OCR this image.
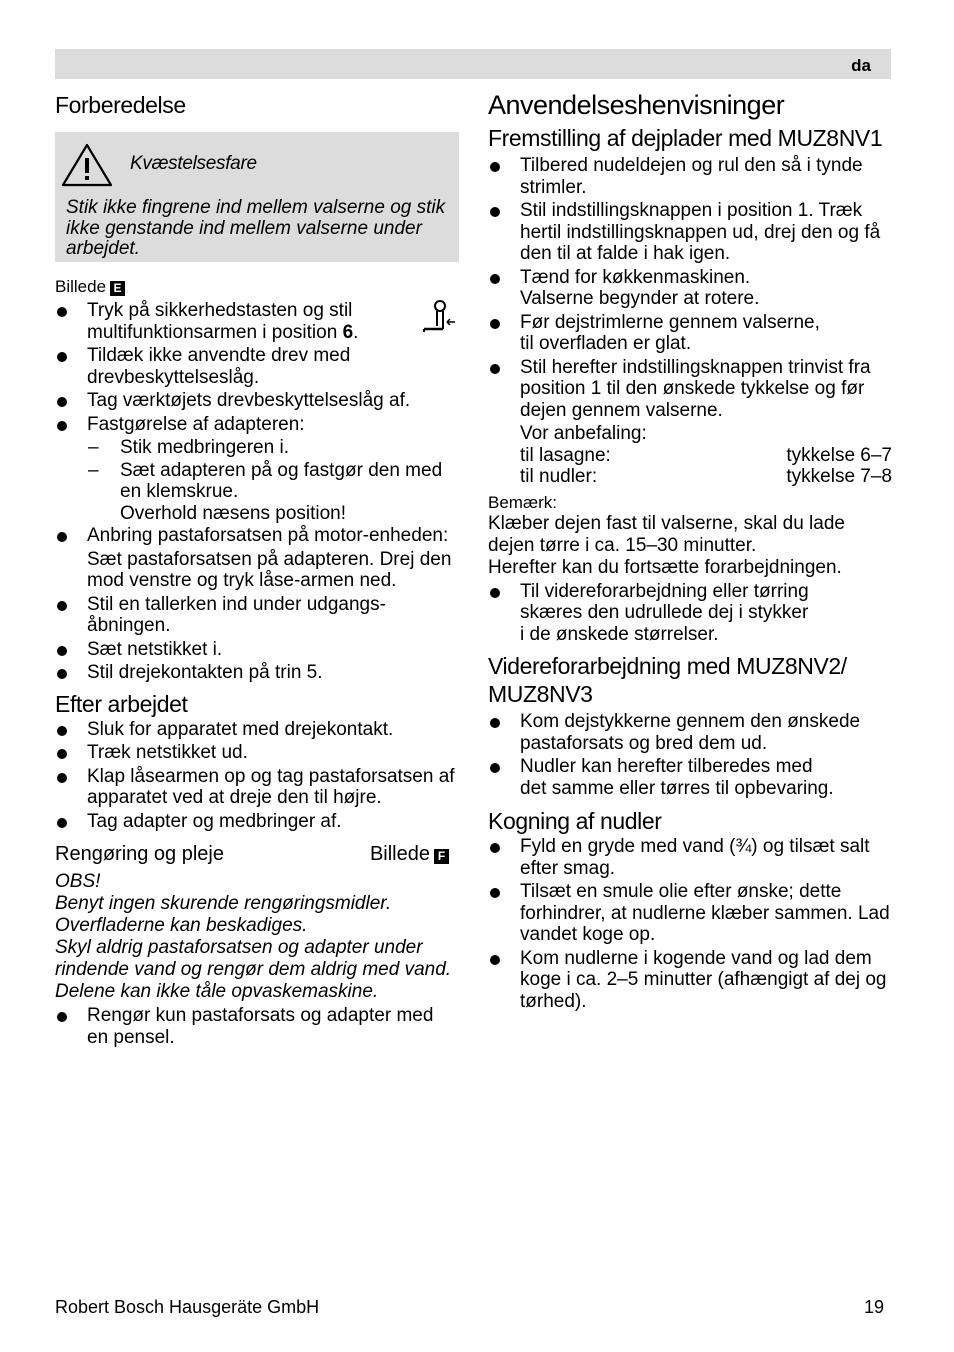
da
Forberedelse
Kvæstelsesfare
Stik ikke fingrene ind mellem valserne og stik ikke genstande ind mellem valserne under arbejdet.
Billede E
Tryk på sikkerhedstasten og stil
multifunktionsarmen i position 6.
Tildæk ikke anvendte drev med drevbeskyttelseslåg.
Tag værktøjets drevbeskyttelseslåg af.
Fastgørelse af adapteren:
– Stik medbringeren i.
– Sæt adapteren på og fastgør den med en klemskrue.
Overhold næsens position!
Anbring pastaforsatsen på motor-enheden:
Sæt pastaforsatsen på adapteren. Drej den mod venstre og tryk låse-armen ned.
Stil en tallerken ind under udgangs-åbningen.
Sæt netstikket i.
Stil drejekontakten på trin 5.
Efter arbejdet
Sluk for apparatet med drejekontakt.
Træk netstikket ud.
Klap låsearmen op og tag pastaforsatsen af apparatet ved at dreje den til højre.
Tag adapter og medbringer af.
Rengøring og pleje	Billede F
OBS!
Benyt ingen skurende rengøringsmidler. Overfladerne kan beskadiges.
Skyl aldrig pastaforsatsen og adapter under rindende vand og rengør dem aldrig med vand. Delene kan ikke tåle opvaskemaskine.
Rengør kun pastaforsats og adapter med en pensel.
Anvendelseshenvisninger
Fremstilling af dejplader med MUZ8NV1
Tilbered nudeldejen og rul den så i tynde strimler.
Stil indstillingsknappen i position 1. Træk hertil indstillingsknappen ud, drej den og få den til at falde i hak igen.
Tænd for køkkenmaskinen.
Valserne begynder at rotere.
Før dejstrimlerne gennem valserne,
til overfladen er glat.
Stil herefter indstillingsknappen trinvist fra position 1 til den ønskede tykkelse og før dejen gennem valserne.
Vor anbefaling:
til lasagne:	tykkelse 6–7
til nudler:	tykkelse 7–8
Bemærk:
Klæber dejen fast til valserne, skal du lade dejen tørre i ca. 15–30 minutter.
Herefter kan du fortsætte forarbejdningen.
Til videreforarbejdning eller tørring
skæres den udrullede dej i stykker
i de ønskede størrelser.
Videreforarbejdning med MUZ8NV2/ MUZ8NV3
Kom dejstykkerne gennem den ønskede pastaforsats og bred dem ud.
Nudler kan herefter tilberedes med
det samme eller tørres til opbevaring.
Kogning af nudler
Fyld en gryde med vand (¾) og tilsæt salt efter smag.
Tilsæt en smule olie efter ønske; dette forhindrer, at nudlerne klæber sammen. Lad vandet koge op.
Kom nudlerne i kogende vand og lad dem koge i ca. 2–5 minutter (afhængigt af dej og tørhed).
Robert Bosch Hausgeräte GmbH	19
